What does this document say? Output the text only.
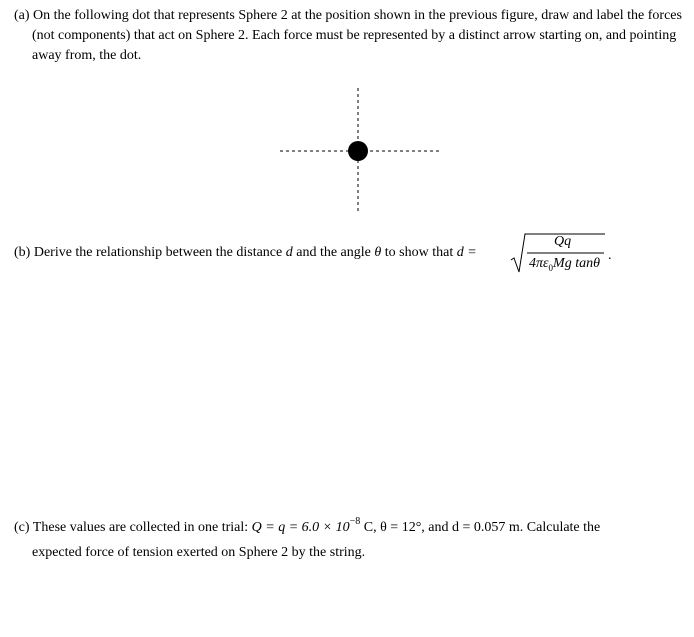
(a) On the following dot that represents Sphere 2 at the position shown in the previous figure, draw and label the forces (not components) that act on Sphere 2. Each force must be represented by a distinct arrow starting on, and pointing away from, the dot.
(b) Derive the relationship between the distance d and the angle θ to show that d =
Qq
$4\pi\varepsilon_0Mg$ tanθ
.
(c) These values are collected in one trial: $Q = q = 6.0 \times 10^{-8}$ C, θ = 12°, and d = 0.057 m. Calculate the
expected force of tension exerted on Sphere 2 by the string.
